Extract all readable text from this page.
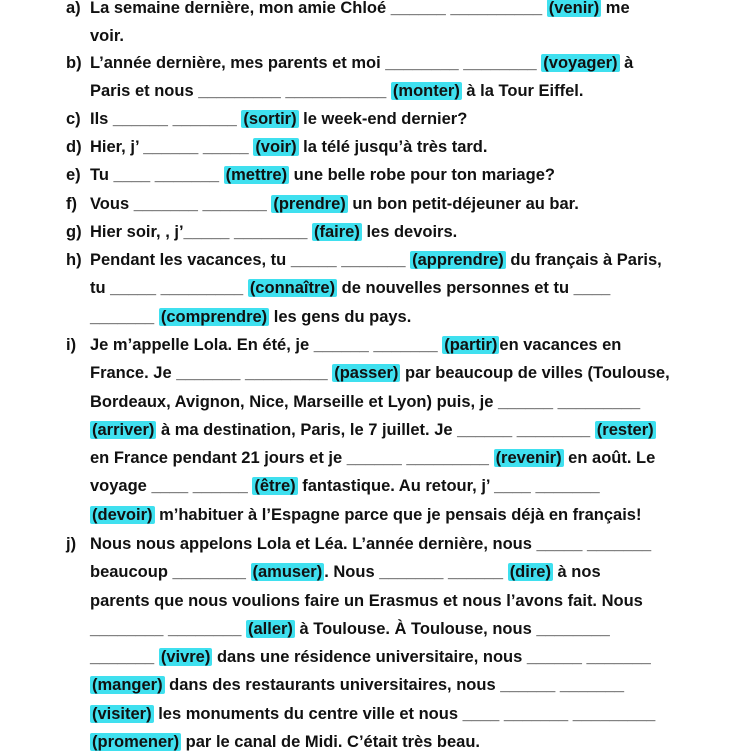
a) La semaine dernière, mon amie Chloé ______ __________ (venir) me
voir.
b) L’année dernière, mes parents et moi ________ ________ (voyager) à
Paris et nous _________ ___________ (monter) à la Tour Eiffel.
c) Ils ______ _______ (sortir) le week-end dernier?
d) Hier, j’ ______ _____ (voir) la télé jusqu’à très tard.
e) Tu ____ _______ (mettre) une belle robe pour ton mariage?
f) Vous _______ _______ (prendre) un bon petit-déjeuner au bar.
g) Hier soir, , j’_____ ________ (faire) les devoirs.
h) Pendant les vacances, tu _____ _______ (apprendre) du français à Paris,
tu _____ _________ (connaître) de nouvelles personnes et tu ____
_______ (comprendre) les gens du pays.
i) Je m’appelle Lola. En été, je ______ _______ (partir) en vacances en
France. Je _______ _________ (passer) par beaucoup de villes (Toulouse,
Bordeaux, Avignon, Nice, Marseille et Lyon) puis, je ______ _________
(arriver) à ma destination, Paris, le 7 juillet. Je ______ ________ (rester)
en France pendant 21 jours et je ______ _________ (revenir) en août. Le
voyage ____ ______ (être) fantastique. Au retour, j’ ____ _______
(devoir) m’habituer à l’Espagne parce que je pensais déjà en français!
j) Nous nous appelons Lola et Léa. L’année dernière, nous _____ _______
beaucoup ________ (amuser) . Nous _______ ______ (dire) à nos
parents que nous voulions faire un Erasmus et nous l’avons fait. Nous
________ ________ (aller) à Toulouse. À Toulouse, nous ________
_______ (vivre) dans une résidence universitaire, nous ______ _______
(manger) dans des restaurants universitaires, nous ______ _______
(visiter) les monuments du centre ville et nous ____ _______ _________
(promener) par le canal de Midi. C’était très beau.
